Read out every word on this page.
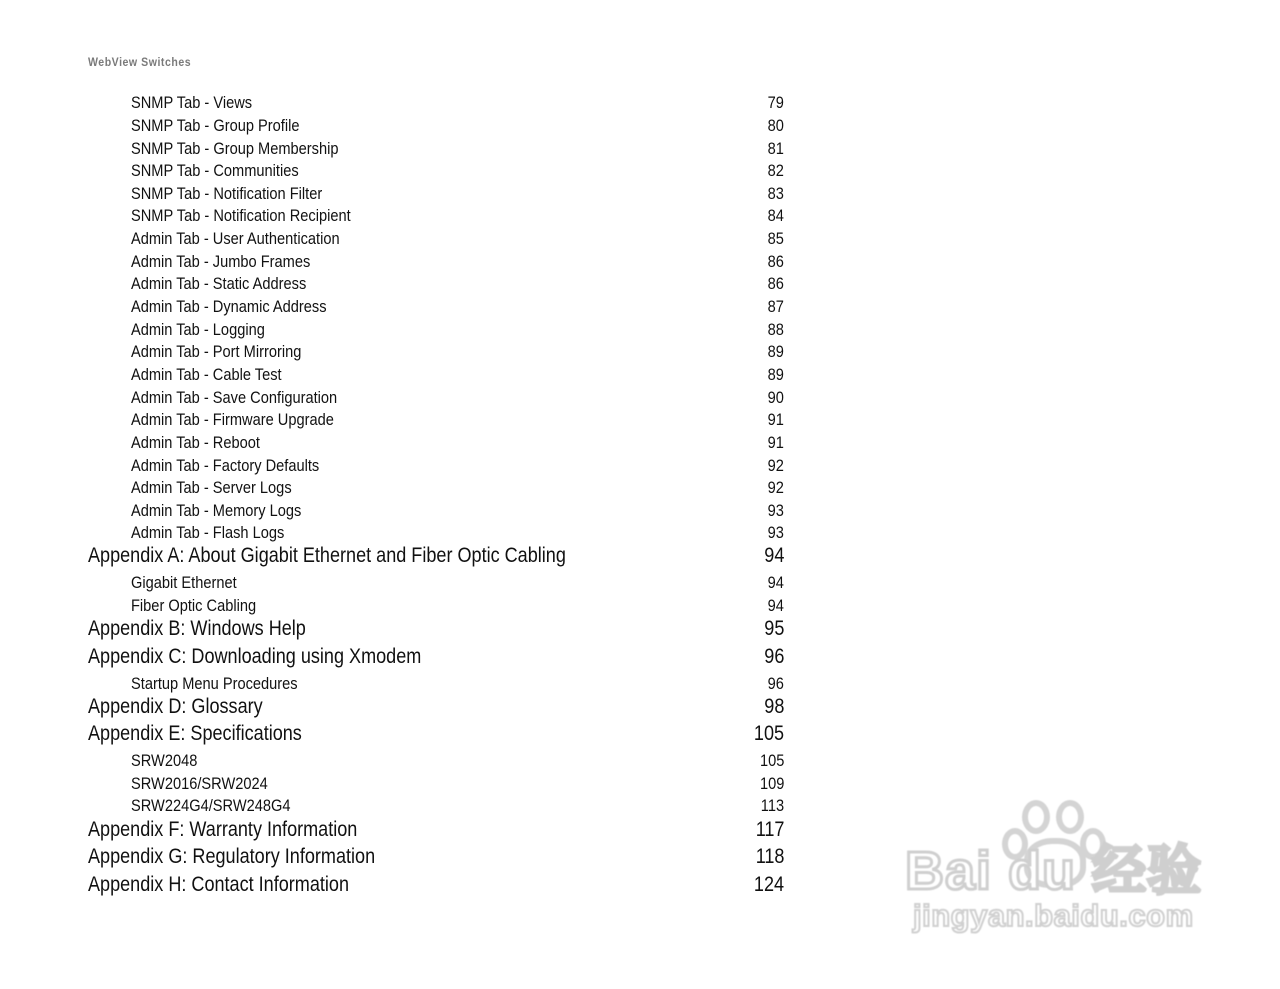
WebView Switches
SNMP Tab - Views	79
SNMP Tab - Group Profile	80
SNMP Tab - Group Membership	81
SNMP Tab - Communities	82
SNMP Tab - Notification Filter	83
SNMP Tab - Notification Recipient	84
Admin Tab - User Authentication	85
Admin Tab - Jumbo Frames	86
Admin Tab - Static Address	86
Admin Tab - Dynamic Address	87
Admin Tab - Logging	88
Admin Tab - Port Mirroring	89
Admin Tab - Cable Test	89
Admin Tab - Save Configuration	90
Admin Tab - Firmware Upgrade	91
Admin Tab - Reboot	91
Admin Tab - Factory Defaults	92
Admin Tab - Server Logs	92
Admin Tab - Memory Logs	93
Admin Tab - Flash Logs	93
Appendix A: About Gigabit Ethernet and Fiber Optic Cabling	94
Gigabit Ethernet	94
Fiber Optic Cabling	94
Appendix B: Windows Help	95
Appendix C: Downloading using Xmodem	96
Startup Menu Procedures	96
Appendix D: Glossary	98
Appendix E: Specifications	105
SRW2048	105
SRW2016/SRW2024	109
SRW224G4/SRW248G4	113
Appendix F: Warranty Information	117
Appendix G: Regulatory Information	118
Appendix H: Contact Information	124 Bai du 经验
jingyan.baidu.com
